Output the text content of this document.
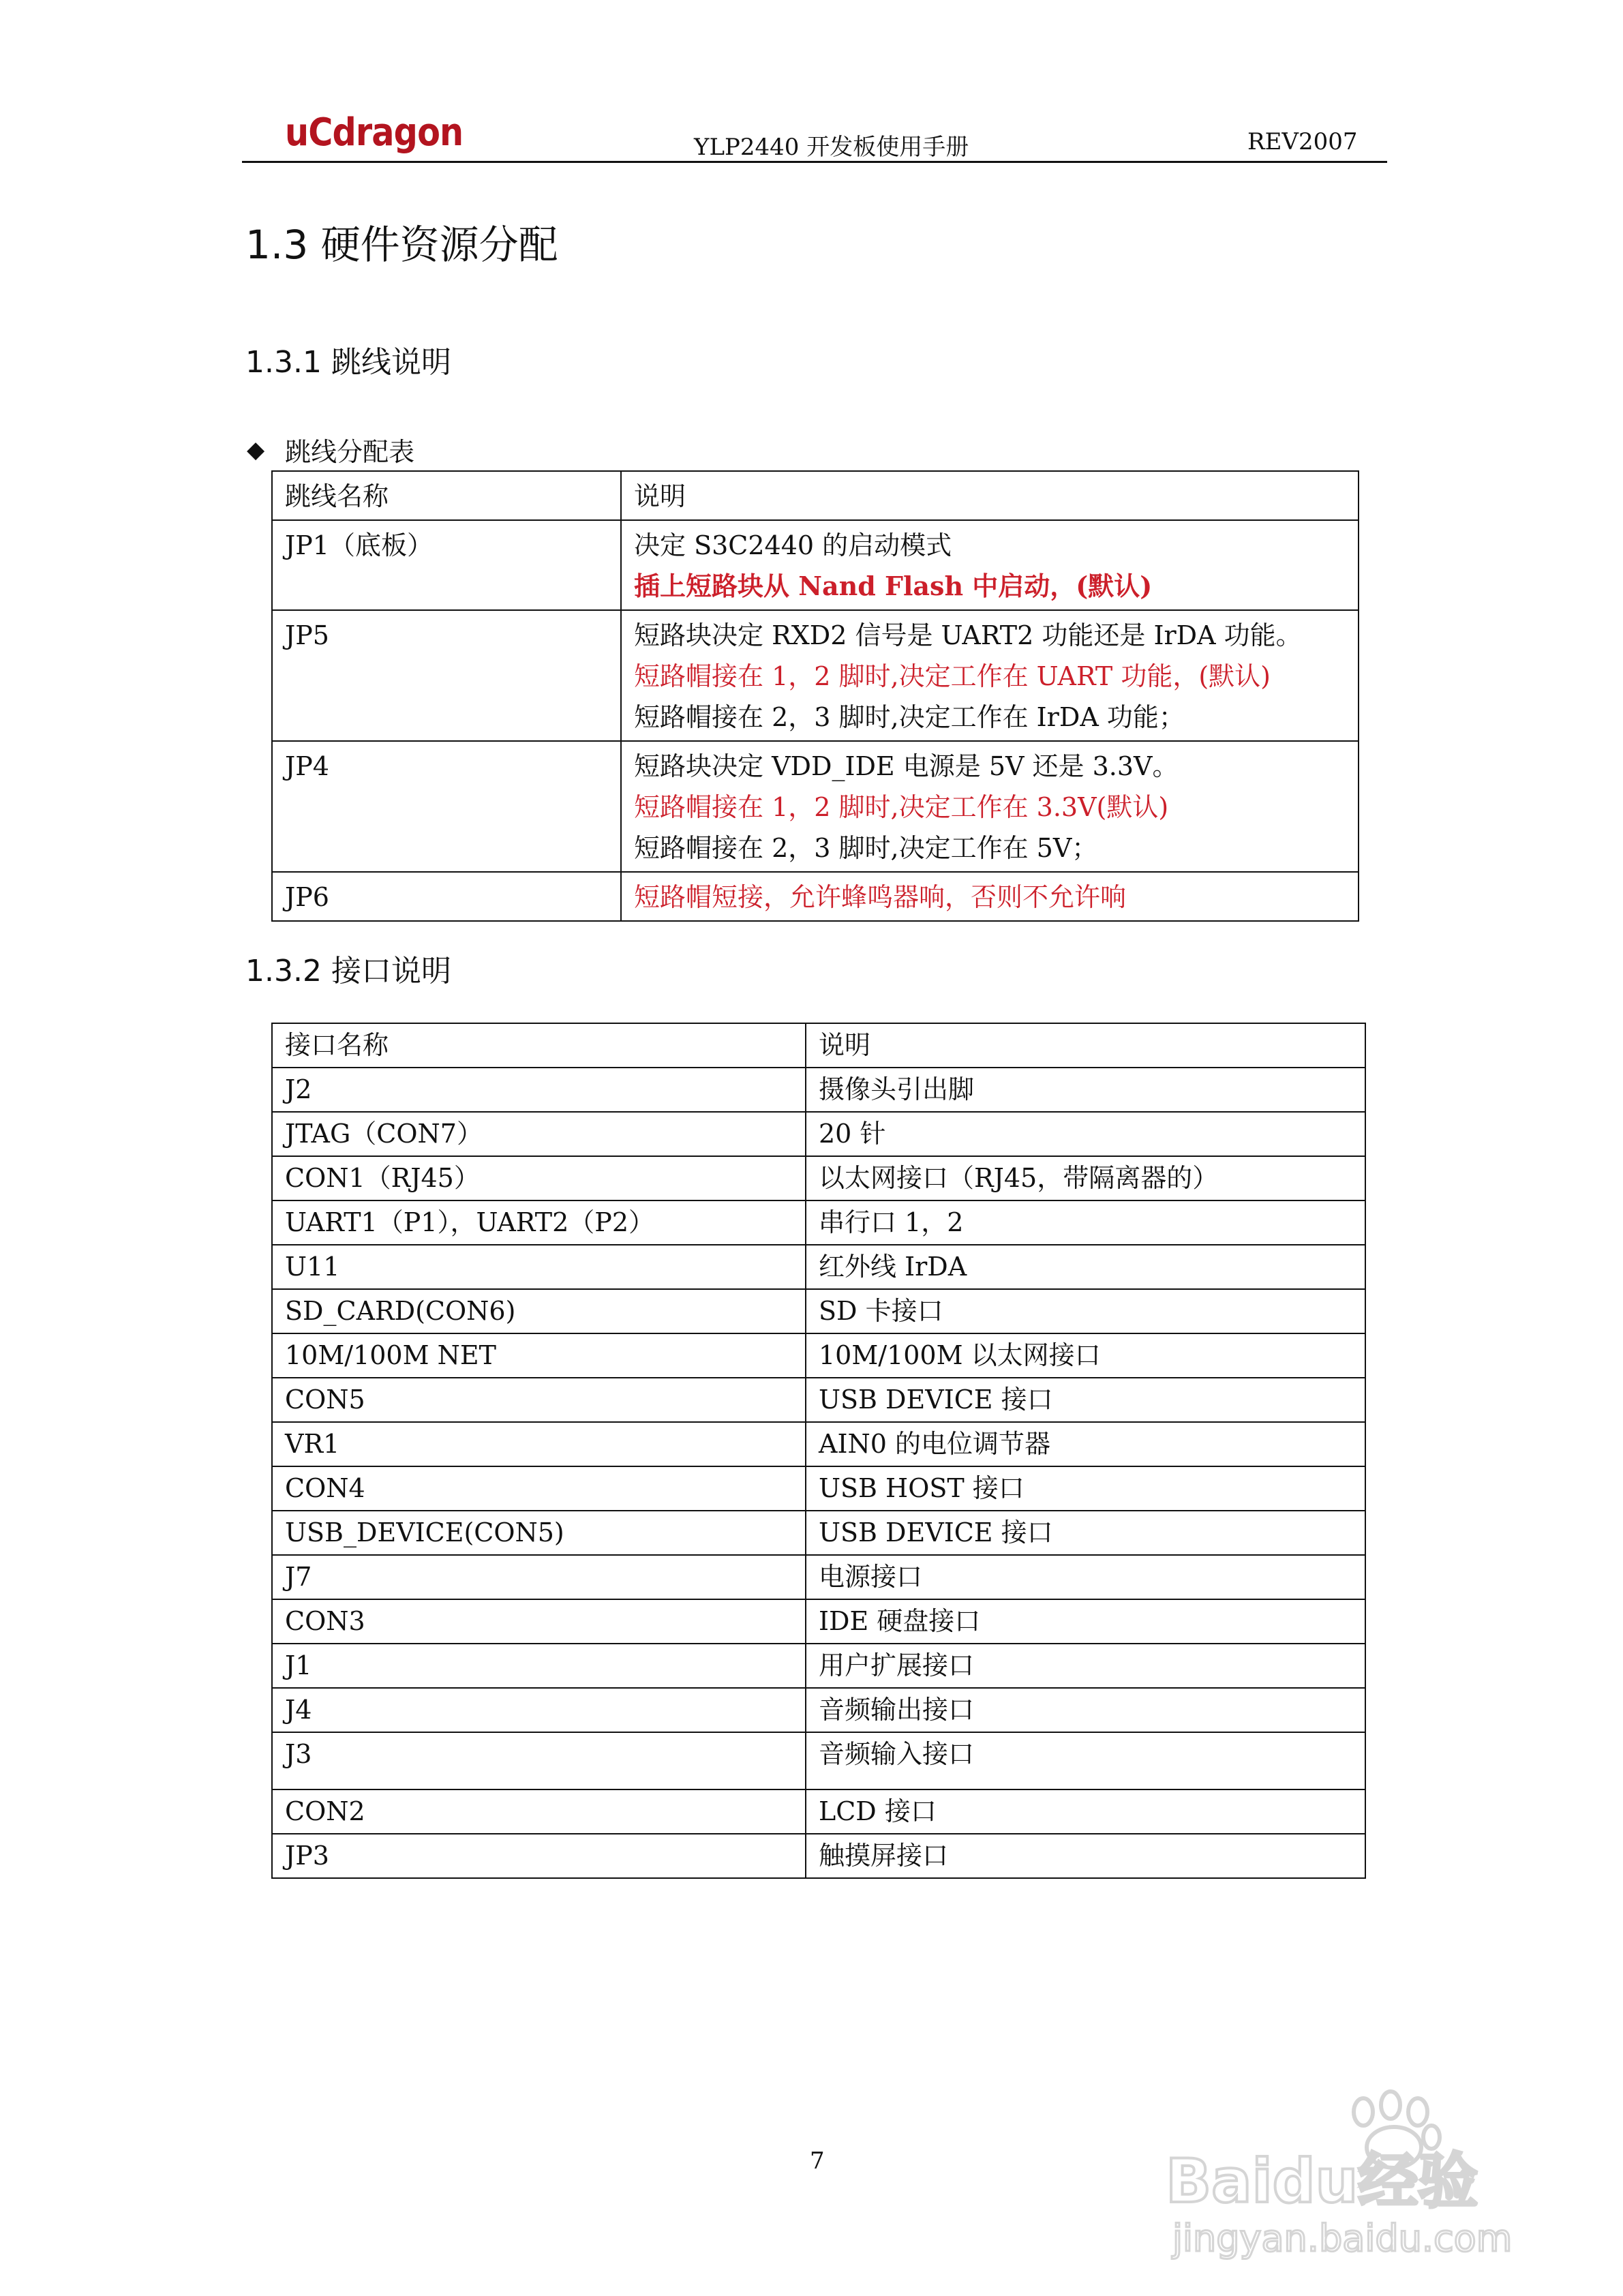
uCdragon	YLP2440 开发板使用手册	REV2007
1.3 硬件资源分配
1.3.1 跳线说明
◆ 跳线分配表
跳线名称	说明
JP1（底板）	决定 S3C2440 的启动模式
插上短路块从 Nand Flash 中启动，(默认)

JP5	短路块决定 RXD2 信号是 UART2 功能还是 IrDA 功能。
短路帽接在 1，2 脚时,决定工作在 UART 功能，(默认)
短路帽接在 2，3 脚时,决定工作在 IrDA 功能；

JP4	短路块决定 VDD_IDE 电源是 5V 还是 3.3V。
短路帽接在 1，2 脚时,决定工作在 3.3V(默认)
短路帽接在 2，3 脚时,决定工作在 5V；

JP6	短路帽短接，允许蜂鸣器响，否则不允许响
1.3.2 接口说明
接口名称	说明
J2	摄像头引出脚
JTAG（CON7）	20 针
CON1（RJ45）	以太网接口（RJ45，带隔离器的）
UART1（P1），UART2（P2）	串行口 1，2
U11	红外线 IrDA
SD_CARD(CON6)	SD 卡接口
10M/100M NET	10M/100M 以太网接口
CON5	USB DEVICE 接口
VR1	AIN0 的电位调节器
CON4	USB HOST 接口
USB_DEVICE(CON5)	USB DEVICE 接口
J7	电源接口
CON3	IDE 硬盘接口
J1	用户扩展接口
J4	音频输出接口
J3	音频输入接口
CON2	LCD 接口
JP3	触摸屏接口
7	Baidu经验
jingyan.baidu.com
